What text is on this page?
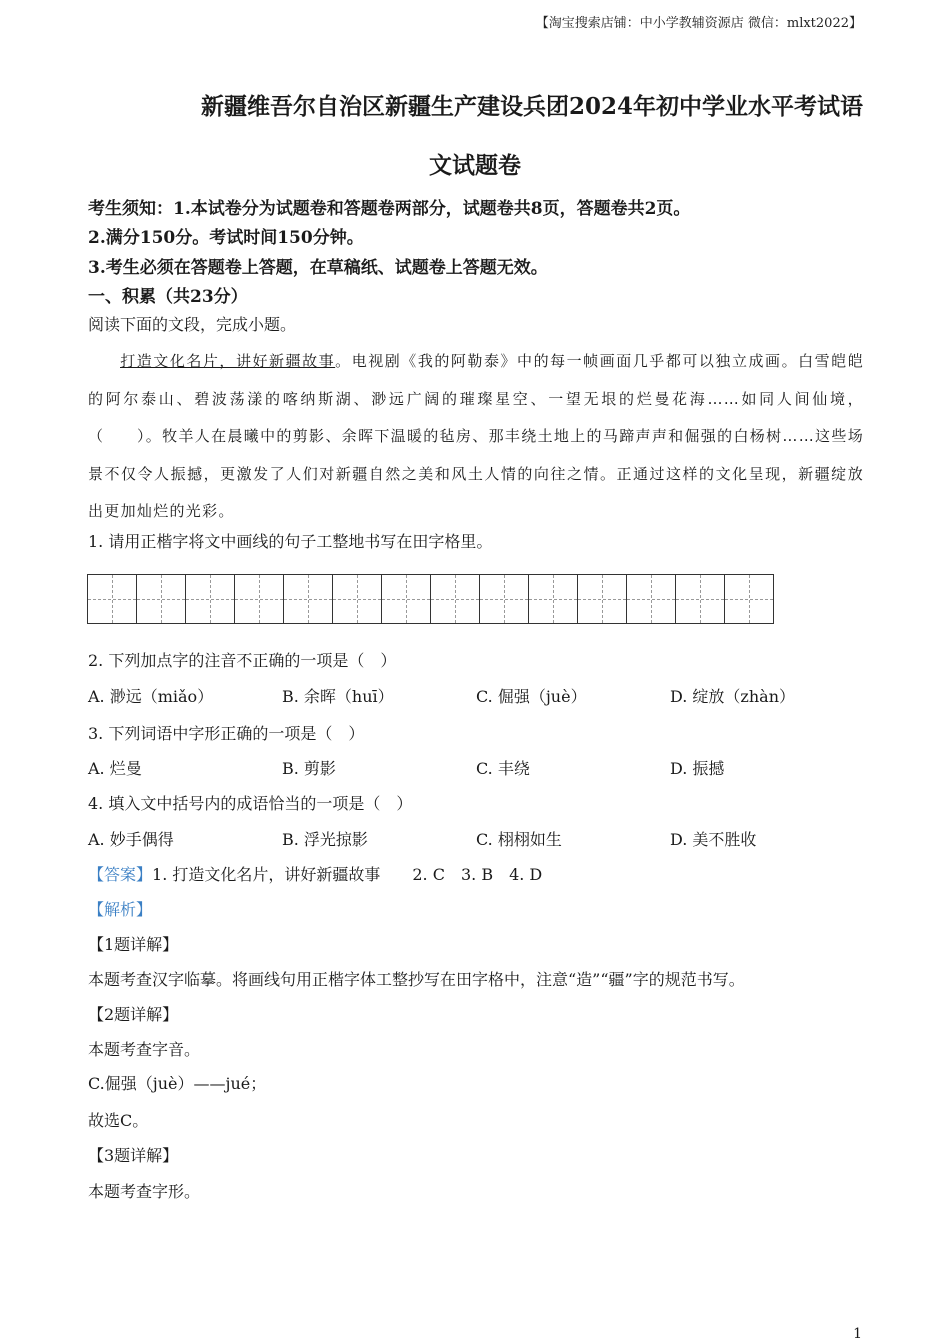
【淘宝搜索店铺：中小学教辅资源店 微信：mlxt2022】
新疆维吾尔自治区新疆生产建设兵团2024年初中学业水平考试语
文试题卷
考生须知：1.本试卷分为试题卷和答题卷两部分，试题卷共8页，答题卷共2页。
2.满分150分。考试时间150分钟。
3.考生必须在答题卷上答题，在草稿纸、试题卷上答题无效。
一、积累（共23分）
阅读下面的文段，完成小题。
打造文化名片，讲好新疆故事。电视剧《我的阿勒泰》中的每一帧画面几乎都可以独立成画。白雪皑皑的阿尔泰山、碧波荡漾的喀纳斯湖、渺远广阔的璀璨星空、一望无垠的烂曼花海……如同人间仙境，（　　）。牧羊人在晨曦中的剪影、余晖下温暖的毡房、那丰绕土地上的马蹄声声和倔强的白杨树……这些场景不仅令人振撼，更激发了人们对新疆自然之美和风土人情的向往之情。正通过这样的文化呈现，新疆绽放出更加灿烂的光彩。
1. 请用正楷字将文中画线的句子工整地书写在田字格里。
2. 下列加点字的注音不正确的一项是（　）
A. 渺远（miǎo）	B. 余晖（huī）	C. 倔强（juè）	D. 绽放（zhàn）
3. 下列词语中字形正确的一项是（　）
A. 烂曼	B. 剪影	C. 丰绕	D. 振撼
4. 填入文中括号内的成语恰当的一项是（　）
A. 妙手偶得	B. 浮光掠影	C. 栩栩如生	D. 美不胜收
【答案】1. 打造文化名片，讲好新疆故事　　2. C　3. B　4. D
【解析】
【1题详解】
本题考查汉字临摹。将画线句用正楷字体工整抄写在田字格中，注意“造”“疆”字的规范书写。
【2题详解】
本题考查字音。
C.倔强（juè）——jué；
故选C。
【3题详解】
本题考查字形。
1
